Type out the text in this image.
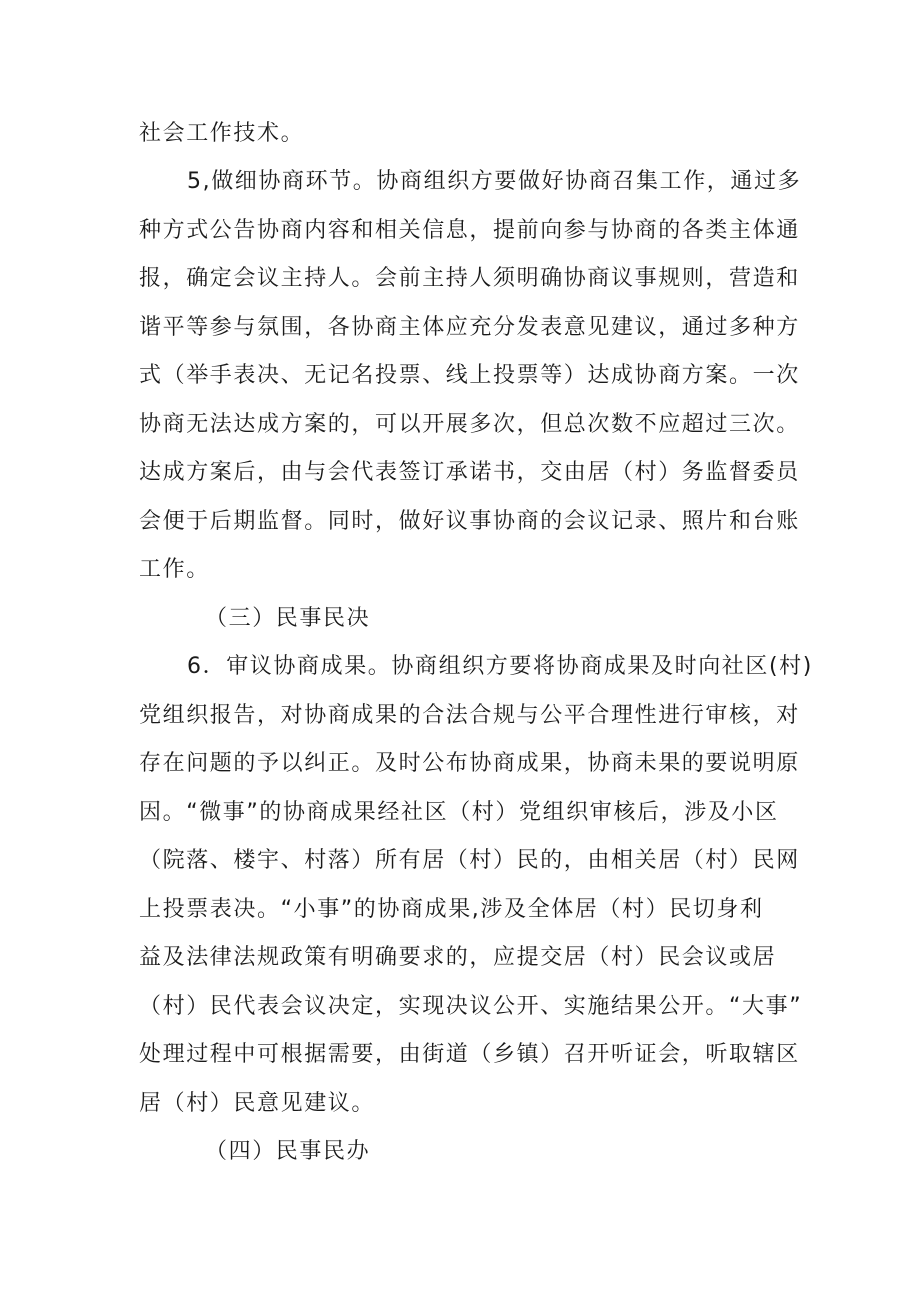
社会工作技术。
5,做细协商环节。协商组织方要做好协商召集工作，通过多
种方式公告协商内容和相关信息，提前向参与协商的各类主体通
报，确定会议主持人。会前主持人须明确协商议事规则，营造和
谐平等参与氛围，各协商主体应充分发表意见建议，通过多种方
式（举手表决、无记名投票、线上投票等）达成协商方案。一次
协商无法达成方案的，可以开展多次，但总次数不应超过三次。
达成方案后，由与会代表签订承诺书，交由居（村）务监督委员
会便于后期监督。同时，做好议事协商的会议记录、照片和台账
工作。
（三）民事民决
6．审议协商成果。协商组织方要将协商成果及时向社区(村)
党组织报告，对协商成果的合法合规与公平合理性进行审核，对
存在问题的予以纠正。及时公布协商成果，协商未果的要说明原
因。“微事”的协商成果经社区（村）党组织审核后，涉及小区
（院落、楼宇、村落）所有居（村）民的，由相关居（村）民网
上投票表决。“小事”的协商成果,涉及全体居（村）民切身利
益及法律法规政策有明确要求的，应提交居（村）民会议或居
（村）民代表会议决定，实现决议公开、实施结果公开。“大事”
处理过程中可根据需要，由街道（乡镇）召开听证会，听取辖区
居（村）民意见建议。
（四）民事民办
